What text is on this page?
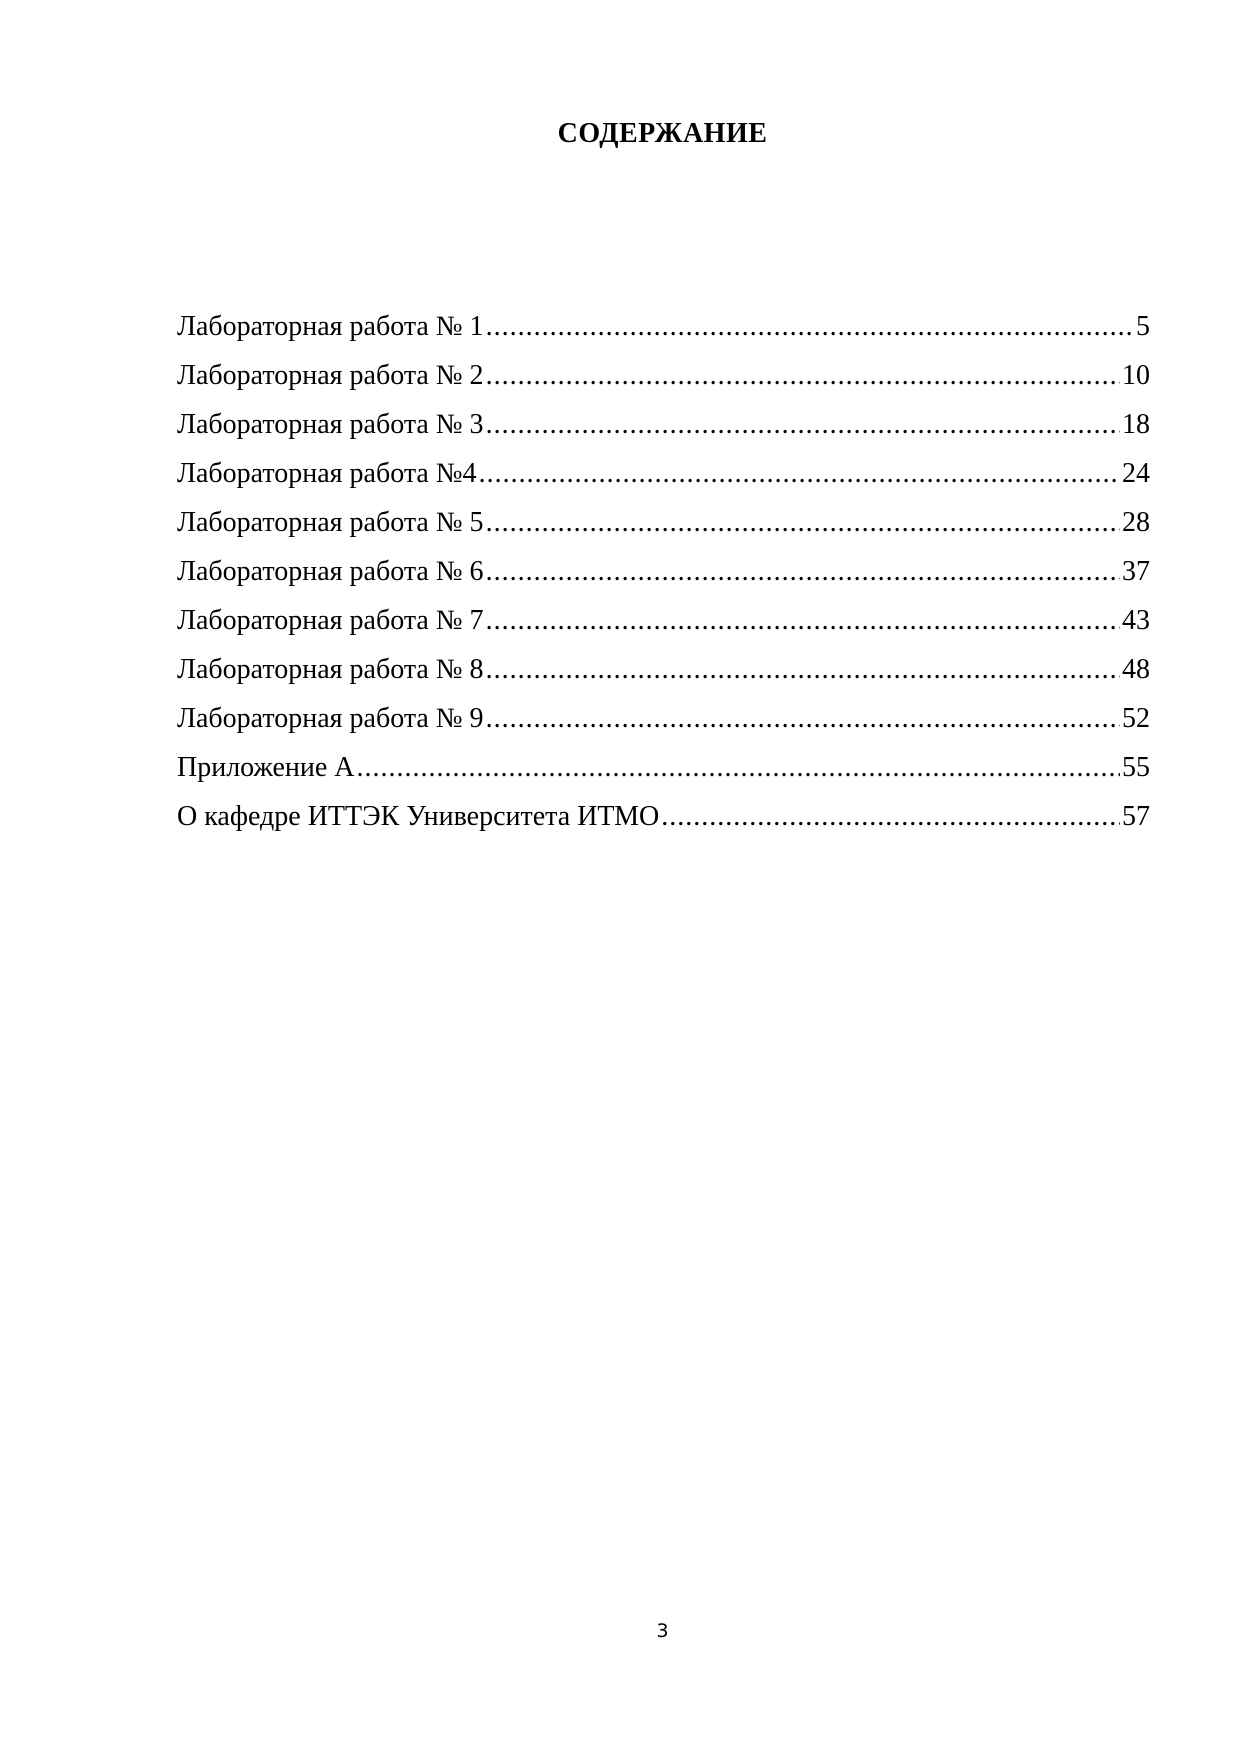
СОДЕРЖАНИЕ
Лабораторная работа № 1 .....	5
Лабораторная работа № 2 .....	10
Лабораторная работа № 3 .....	18
Лабораторная работа №4 .....	24
Лабораторная работа № 5 .....	28
Лабораторная работа № 6 .....	37
Лабораторная работа № 7 .....	43
Лабораторная работа № 8 .....	48
Лабораторная работа № 9 .....	52
Приложение А .....	55
О кафедре ИТТЭК Университета ИТМО .....	57
3
